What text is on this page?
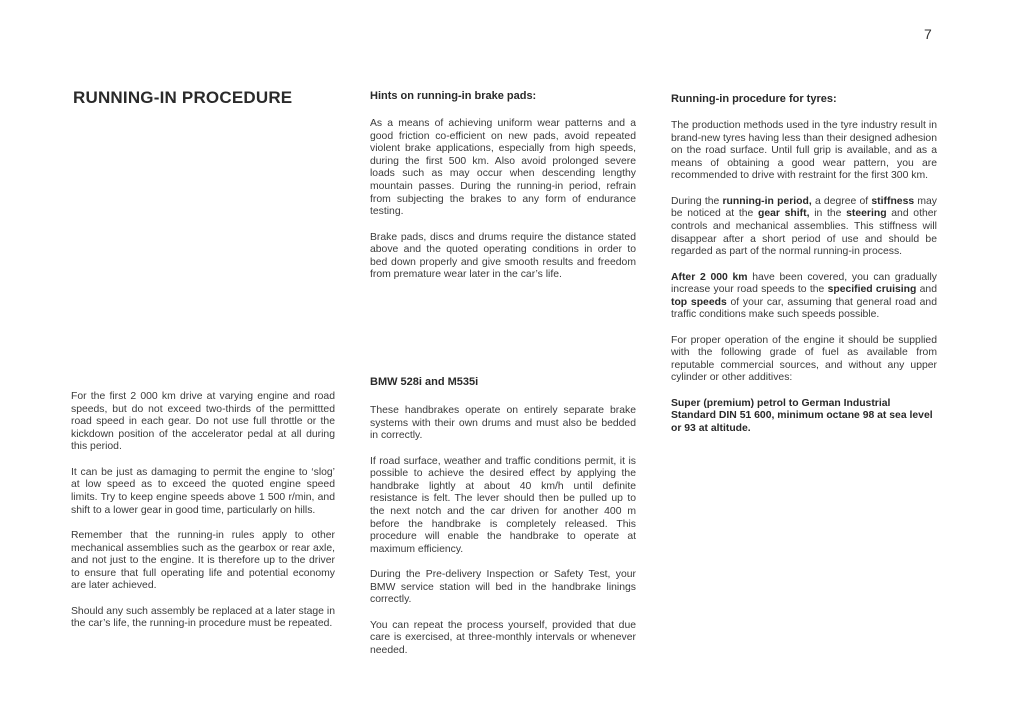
7
RUNNING-IN PROCEDURE

For the first 2 000 km drive at varying engine and road speeds, but do not exceed two-thirds of the permittted road speed in each gear. Do not use full throttle or the kickdown position of the accelerator pedal at all during this period.

It can be just as damaging to permit the engine to ‘slog’ at low speed as to exceed the quoted engine speed limits. Try to keep engine speeds above 1 500 r/min, and shift to a lower gear in good time, particularly on hills.

Remember that the running-in rules apply to other mechanical assemblies such as the gearbox or rear axle, and not just to the engine. It is therefore up to the driver to ensure that full operating life and potential economy are later achieved.

Should any such assembly be replaced at a later stage in the car’s life, the running-in procedure must be repeated.

Hints on running-in brake pads:

As a means of achieving uniform wear patterns and a good friction co-efficient on new pads, avoid repeated violent brake applications, especially from high speeds, during the first 500 km. Also avoid prolonged severe loads such as may occur when descending lengthy mountain passes. During the running-in period, refrain from subjecting the brakes to any form of endurance testing.

Brake pads, discs and drums require the distance stated above and the quoted operating conditions in order to bed down properly and give smooth results and freedom from premature wear later in the car’s life.

BMW 528i and M535i

These handbrakes operate on entirely separate brake systems with their own drums and must also be bedded in correctly.

If road surface, weather and traffic conditions permit, it is possible to achieve the desired effect by applying the handbrake lightly at about 40 km/h until definite resistance is felt. The lever should then be pulled up to the next notch and the car driven for another 400 m before the handbrake is completely released. This procedure will enable the handbrake to operate at maximum efficiency.

During the Pre-delivery Inspection or Safety Test, your BMW service station will bed in the handbrake linings correctly.

You can repeat the process yourself, provided that due care is exercised, at three-monthly intervals or whenever needed.

Running-in procedure for tyres:

The production methods used in the tyre industry result in brand-new tyres having less than their designed adhesion on the road surface. Until full grip is available, and as a means of obtaining a good wear pattern, you are recommended to drive with restraint for the first 300 km.

During the running-in period, a degree of stiffness may be noticed at the gear shift, in the steering and other controls and mechanical assemblies. This stiffness will disappear after a short period of use and should be regarded as part of the normal running-in process.

After 2 000 km have been covered, you can gradually increase your road speeds to the specified cruising and top speeds of your car, assuming that general road and traffic conditions make such speeds possible.

For proper operation of the engine it should be supplied with the following grade of fuel as available from reputable commercial sources, and without any upper cylinder or other additives:

Super (premium) petrol to German Industrial Standard DIN 51 600, minimum octane 98 at sea level or 93 at altitude.
